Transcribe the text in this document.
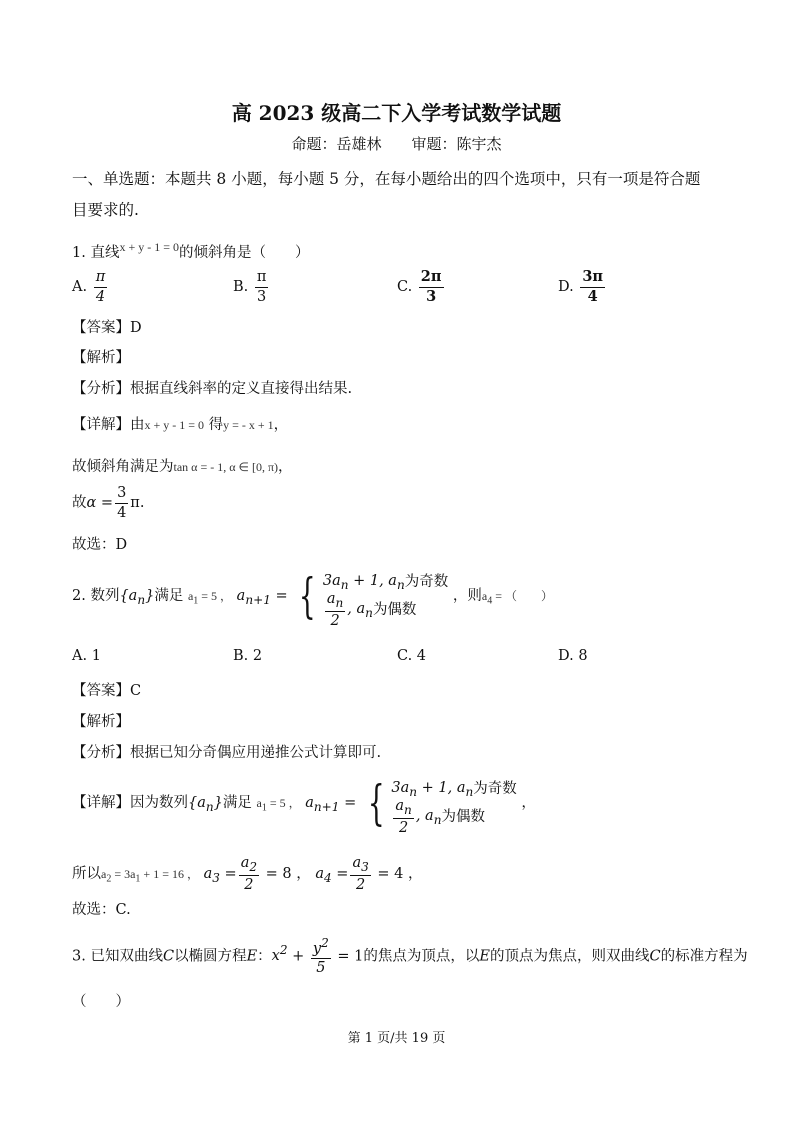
高 2023 级高二下入学考试数学试题
命题：岳雄林　　审题：陈宇杰
一、单选题：本题共 8 小题，每小题 5 分，在每小题给出的四个选项中，只有一项是符合题
目要求的.
1. 直线$^{x + y - 1 = 0}$的倾斜角是（　　）
A. $\frac{\pi}{4}$	B. $\frac{\pi}{3}$	C. $\frac{2\pi}{3}$	D. $\frac{3\pi}{4}$
【答案】D
【解析】
【分析】根据直线斜率的定义直接得出结果.
【详解】由x + y - 1 = 0 得y = - x + 1，
故倾斜角满足为tan α = - 1, α ∈ [0, π)，
故$\alpha = \frac{3}{4} \pi$.
故选：D
2. 数列$\{a_n\}$满足 $a_1 = 5$ ， $a_{n+1}$ = { $3a_n + 1$, $a_n$ 为奇数
$\frac{a_n}{2}$ , $a_n$ 为偶数
，则$a_4$ = （　　）
A. 1	B. 2	C. 4	D. 8
【答案】C
【解析】
【分析】根据已知分奇偶应用递推公式计算即可.
【详解】因为数列$\{a_n\}$满足 $a_1 = 5$ ， $a_{n+1}$ = { $3a_n + 1$, $a_n$ 为奇数
$\frac{a_n}{2}$ , $a_n$ 为偶数
，
所以$a_2 = 3a_1 + 1 = 16$ ， $a_3 = \frac{a_2}{2} = 8$ ， $a_4 = \frac{a_3}{2} = 4$ ，
故选：C.
3. 已知双曲线C以椭圆方程E：$x^2 + \frac{y^2}{5} = 1$的焦点为顶点，以E的顶点为焦点，则双曲线C的标准方程为
（　　）
第 1 页/共 19 页
